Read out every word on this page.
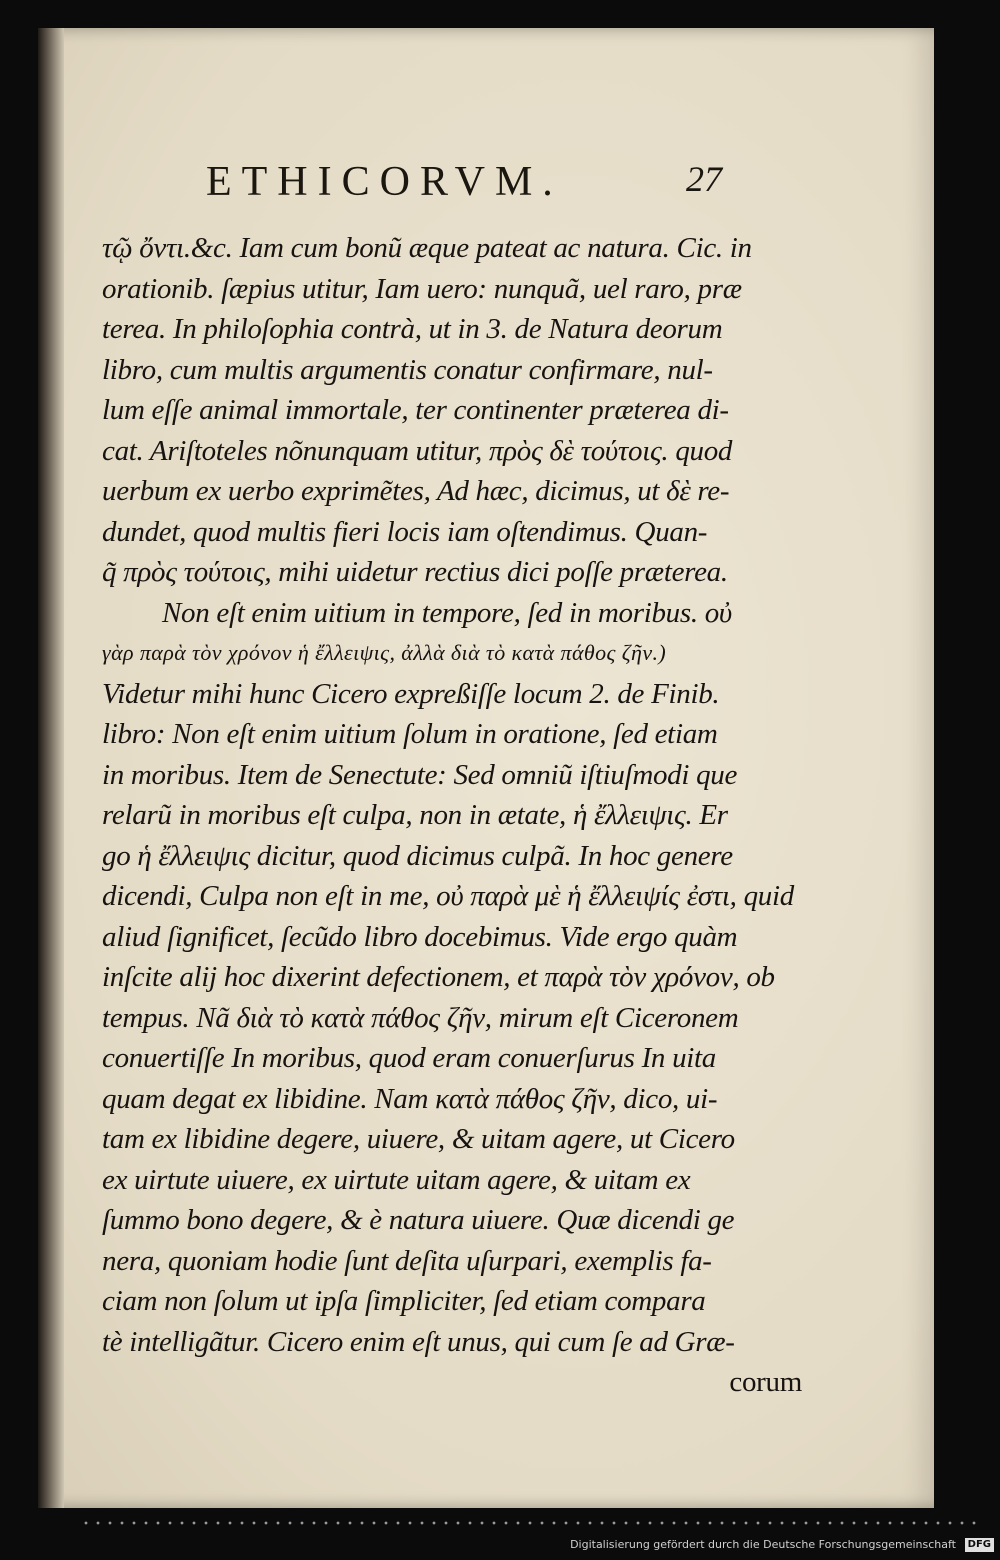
ETHICORVM.	27
τῷ ὄντι.&c. Iam cum bonũ æque pateat ac natura. Cic. in
orationib. ſæpius utitur, Iam uero: nunquã, uel raro, præ
terea. In philoſophia contrà, ut in 3. de Natura deorum
libro, cum multis argumentis conatur confirmare, nul-
lum eſſe animal immortale, ter continenter præterea di-
cat. Ariſtoteles nõnunquam utitur, πρὸς δὲ τούτοις. quod
uerbum ex uerbo exprimẽtes, Ad hæc, dicimus, ut δὲ re-
dundet, quod multis fieri locis iam oſtendimus. Quan-
q̃ πρὸς τούτοις, mihi uidetur rectius dici poſſe præterea.
Non eſt enim uitium in tempore, ſed in moribus. οὐ
γὰρ παρὰ τὸν χρόνον ἡ ἔλλειψις, ἀλλὰ διὰ τὸ κατὰ πάθος ζῆν.)
Videtur mihi hunc Cicero expreßiſſe locum 2. de Finib.
libro: Non eſt enim uitium ſolum in oratione, ſed etiam
in moribus. Item de Senectute: Sed omniũ iſtiuſmodi que
relarũ in moribus eſt culpa, non in ætate, ἡ ἔλλειψις. Er
go ἡ ἔλλειψις dicitur, quod dicimus culpã. In hoc genere
dicendi, Culpa non eſt in me, οὐ παρὰ μὲ ἡ ἔλλειψίς ἐστι, quid
aliud ſignificet, ſecũdo libro docebimus. Vide ergo quàm
inſcite alij hoc dixerint defectionem, et παρὰ τὸν χρόνον, ob
tempus. Nã διὰ τὸ κατὰ πάθος ζῆν, mirum eſt Ciceronem
conuertiſſe In moribus, quod eram conuerſurus In uita
quam degat ex libidine. Nam κατὰ πάθος ζῆν, dico, ui-
tam ex libidine degere, uiuere, & uitam agere, ut Cicero
ex uirtute uiuere, ex uirtute uitam agere, & uitam ex
ſummo bono degere, & è natura uiuere. Quæ dicendi ge
nera, quoniam hodie ſunt deſita uſurpari, exemplis fa-
ciam non ſolum ut ipſa ſimpliciter, ſed etiam compara
tè intelligãtur. Cicero enim eſt unus, qui cum ſe ad Græ-
corum
Digitalisierung gefördert durch die Deutsche Forschungsgemeinschaft	DFG
